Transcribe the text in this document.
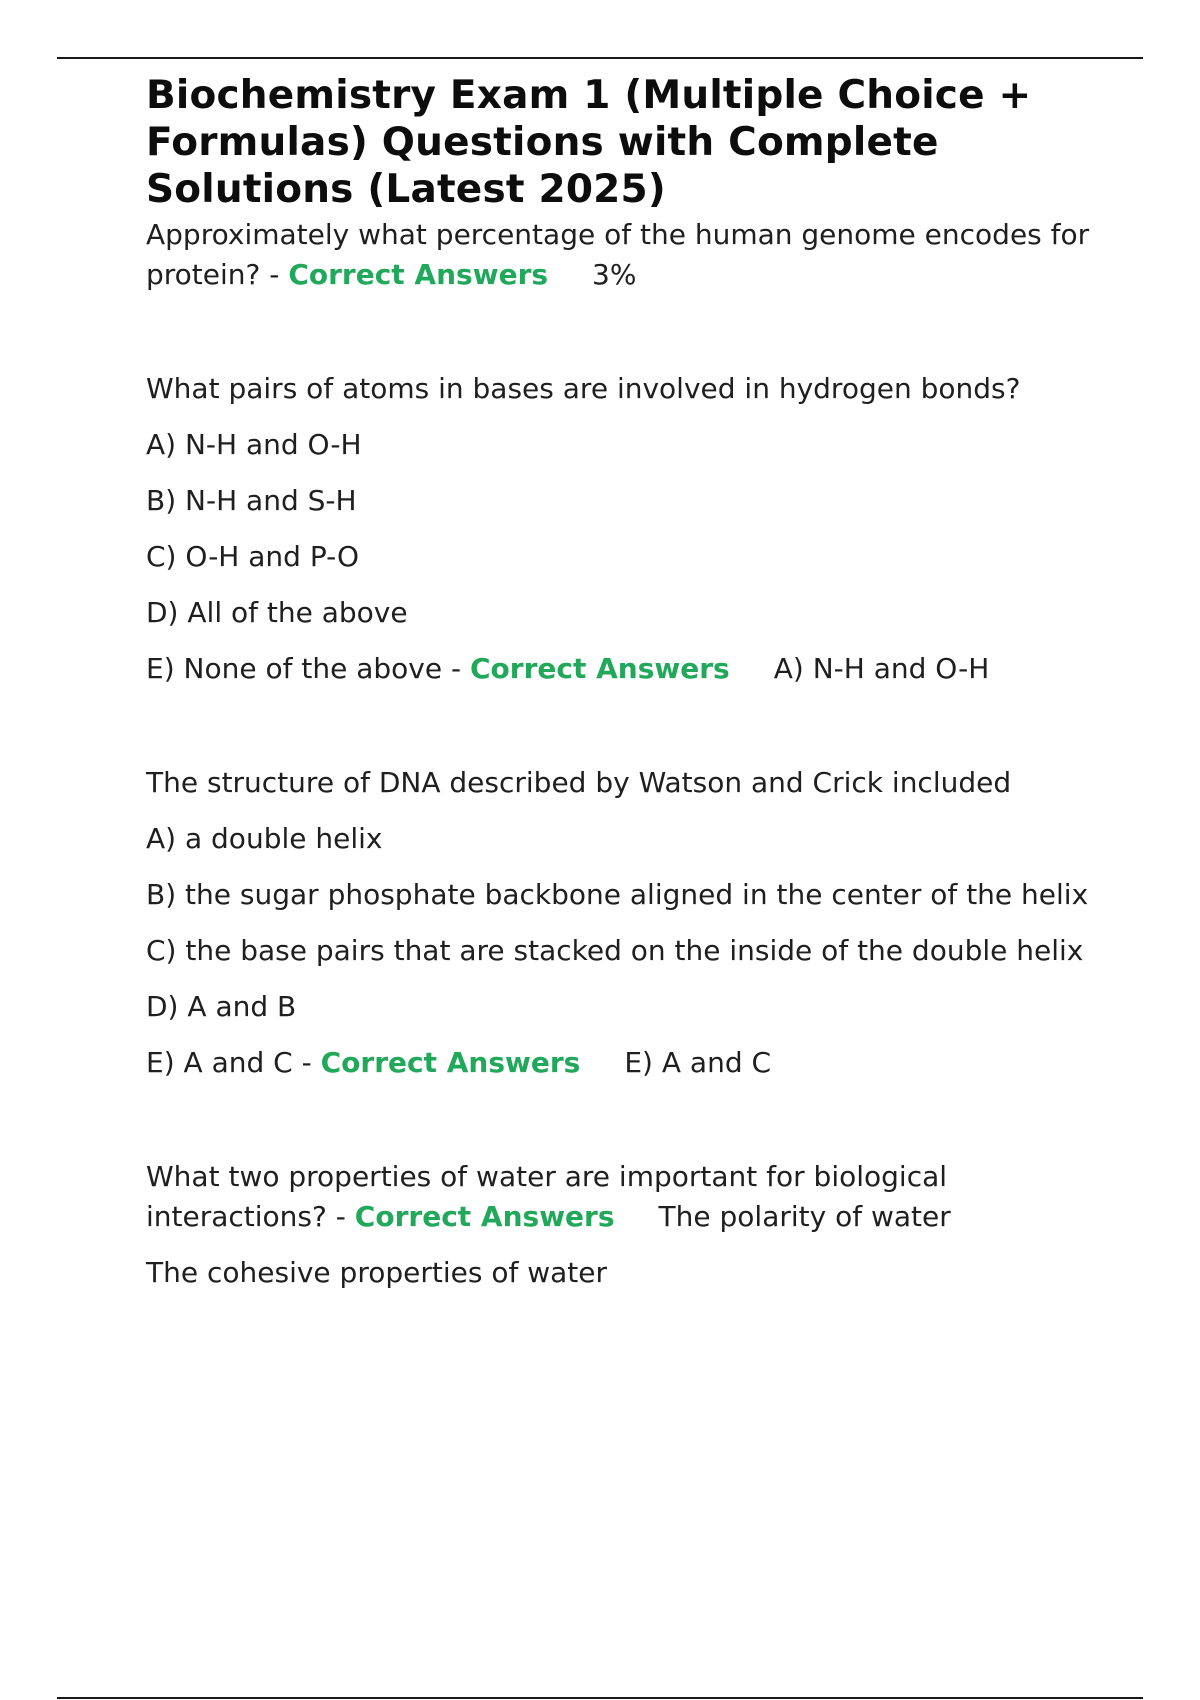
Biochemistry Exam 1 (Multiple Choice + Formulas) Questions with Complete Solutions (Latest 2025)

Approximately what percentage of the human genome encodes for protein? - Correct Answers 3%

What pairs of atoms in bases are involved in hydrogen bonds?

A) N-H and O-H

B) N-H and S-H

C) O-H and P-O

D) All of the above

E) None of the above - Correct Answers A) N-H and O-H

The structure of DNA described by Watson and Crick included

A) a double helix

B) the sugar phosphate backbone aligned in the center of the helix

C) the base pairs that are stacked on the inside of the double helix

D) A and B

E) A and C - Correct Answers E) A and C

What two properties of water are important for biological interactions? - Correct Answers The polarity of water

The cohesive properties of water
